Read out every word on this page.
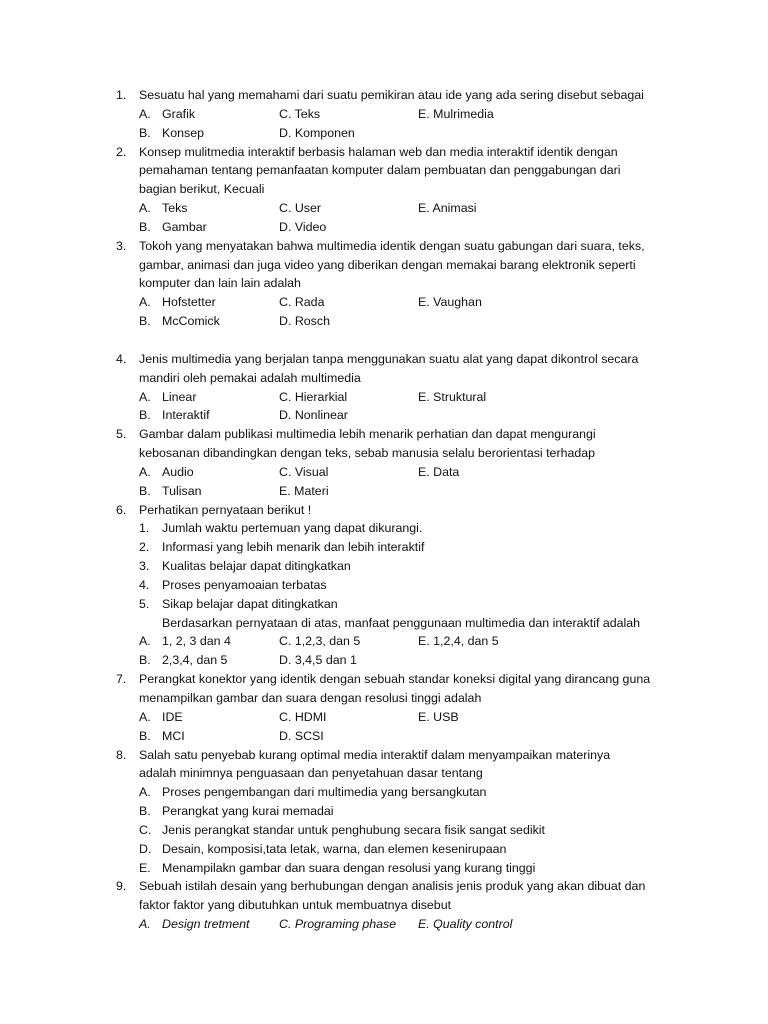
1. Sesuatu hal yang memahami dari suatu pemikiran atau ide yang ada sering disebut sebagai
A. Grafik	C. Teks	E. Mulrimedia
B. Konsep	D. Komponen
2. Konsep mulitmedia interaktif berbasis halaman web dan media interaktif identik dengan
pemahaman tentang pemanfaatan komputer dalam pembuatan dan penggabungan dari
bagian berikut, Kecuali
A. Teks	C. User	E. Animasi
B. Gambar	D. Video
3. Tokoh yang menyatakan bahwa multimedia identik dengan suatu gabungan dari suara, teks,
gambar, animasi dan juga video yang diberikan dengan memakai barang elektronik seperti
komputer dan lain lain adalah
A. Hofstetter	C. Rada	E. Vaughan
B. McComick	D. Rosch
4. Jenis multimedia yang berjalan tanpa menggunakan suatu alat yang dapat dikontrol secara
mandiri oleh pemakai adalah multimedia
A. Linear	C. Hierarkial	E. Struktural
B. Interaktif	D. Nonlinear
5. Gambar dalam publikasi multimedia lebih menarik perhatian dan dapat mengurangi
kebosanan dibandingkan dengan teks, sebab manusia selalu berorientasi terhadap
A. Audio	C. Visual	E. Data
B. Tulisan	E. Materi
6. Perhatikan pernyataan berikut !
1. Jumlah waktu pertemuan yang dapat dikurangi.
2. Informasi yang lebih menarik dan lebih interaktif
3. Kualitas belajar dapat ditingkatkan
4. Proses penyamoaian terbatas
5. Sikap belajar dapat ditingkatkan
Berdasarkan pernyataan di atas, manfaat penggunaan multimedia dan interaktif adalah
A. 1, 2, 3 dan 4	C. 1,2,3, dan 5	E. 1,2,4, dan 5
B. 2,3,4, dan 5	D. 3,4,5 dan 1
7. Perangkat konektor yang identik dengan sebuah standar koneksi digital yang dirancang guna
menampilkan gambar dan suara dengan resolusi tinggi adalah
A. IDE	C. HDMI	E. USB
B. MCI	D. SCSI
8. Salah satu penyebab kurang optimal media interaktif dalam menyampaikan materinya
adalah minimnya penguasaan dan penyetahuan dasar tentang
A. Proses pengembangan dari multimedia yang bersangkutan
B. Perangkat yang kurai memadai
C. Jenis perangkat standar untuk penghubung secara fisik sangat sedikit
D. Desain, komposisi,tata letak, warna, dan elemen kesenirupaan
E. Menampilakn gambar dan suara dengan resolusi yang kurang tinggi
9. Sebuah istilah desain yang berhubungan dengan analisis jenis produk yang akan dibuat dan
faktor faktor yang dibutuhkan untuk membuatnya disebut
A. Design tretment C. Programing phase E. Quality control
